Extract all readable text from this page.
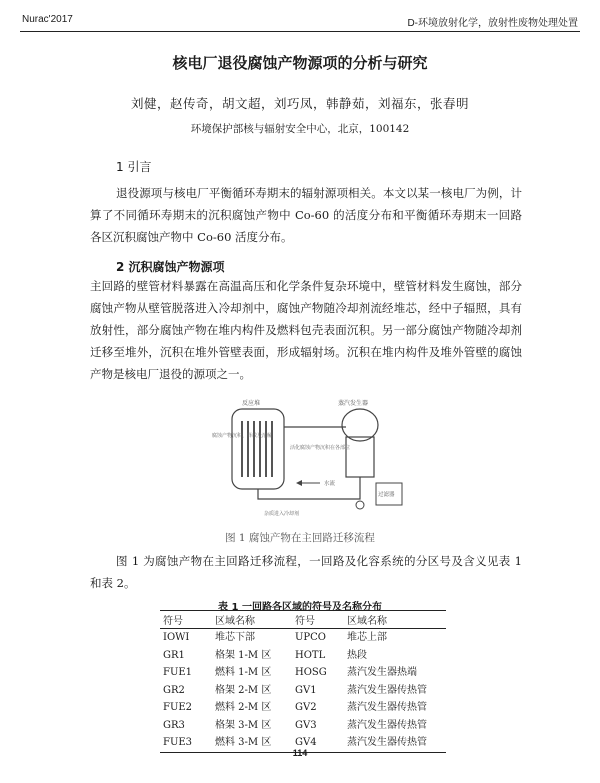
Nurac'2017	D-环境放射化学，放射性废物处理处置
核电厂退役腐蚀产物源项的分析与研究
刘健，赵传奇，胡文超，刘巧凤，韩静茹，刘福东，张春明
环境保护部核与辐射安全中心，北京，100142
1 引言
退役源项与核电厂平衡循环寿期末的辐射源项相关。本文以某一核电厂为例，计算了不同循环寿期末的沉积腐蚀产物中 Co-60 的活度分布和平衡循环寿期末一回路各区沉积腐蚀产物中 Co-60 活度分布。
2 沉积腐蚀产物源项
主回路的壁管材料暴露在高温高压和化学条件复杂环境中，壁管材料发生腐蚀，部分腐蚀产物从壁管脱落进入冷却剂中，腐蚀产物随冷却剂流经堆芯，经中子辐照，具有放射性，部分腐蚀产物在堆内构件及燃料包壳表面沉积。另一部分腐蚀产物随冷却剂迁移至堆外，沉积在堆外管壁表面，形成辐射场。沉积在堆内构件及堆外管壁的腐蚀产物是核电厂退役的源项之一。
反应堆	蒸汽发生器
过滤器
水流
腐蚀产物沉积、释放及溶解
活化腐蚀产物沉积在各部位
杂质进入冷却剂
图 1 腐蚀产物在主回路迁移流程
图 1 为腐蚀产物在主回路迁移流程，一回路及化容系统的分区号及含义见表 1 和表 2。
表 1 一回路各区域的符号及名称分布
符号	区域名称	符号	区域名称
IOWI	堆芯下部	UPCO	堆芯上部
GR1	格架 1-M 区	HOTL	热段
FUE1	燃料 1-M 区	HOSG	蒸汽发生器热端
GR2	格架 2-M 区	GV1	蒸汽发生器传热管
FUE2	燃料 2-M 区	GV2	蒸汽发生器传热管
GR3	格架 3-M 区	GV3	蒸汽发生器传热管
FUE3	燃料 3-M 区	GV4	蒸汽发生器传热管
114
